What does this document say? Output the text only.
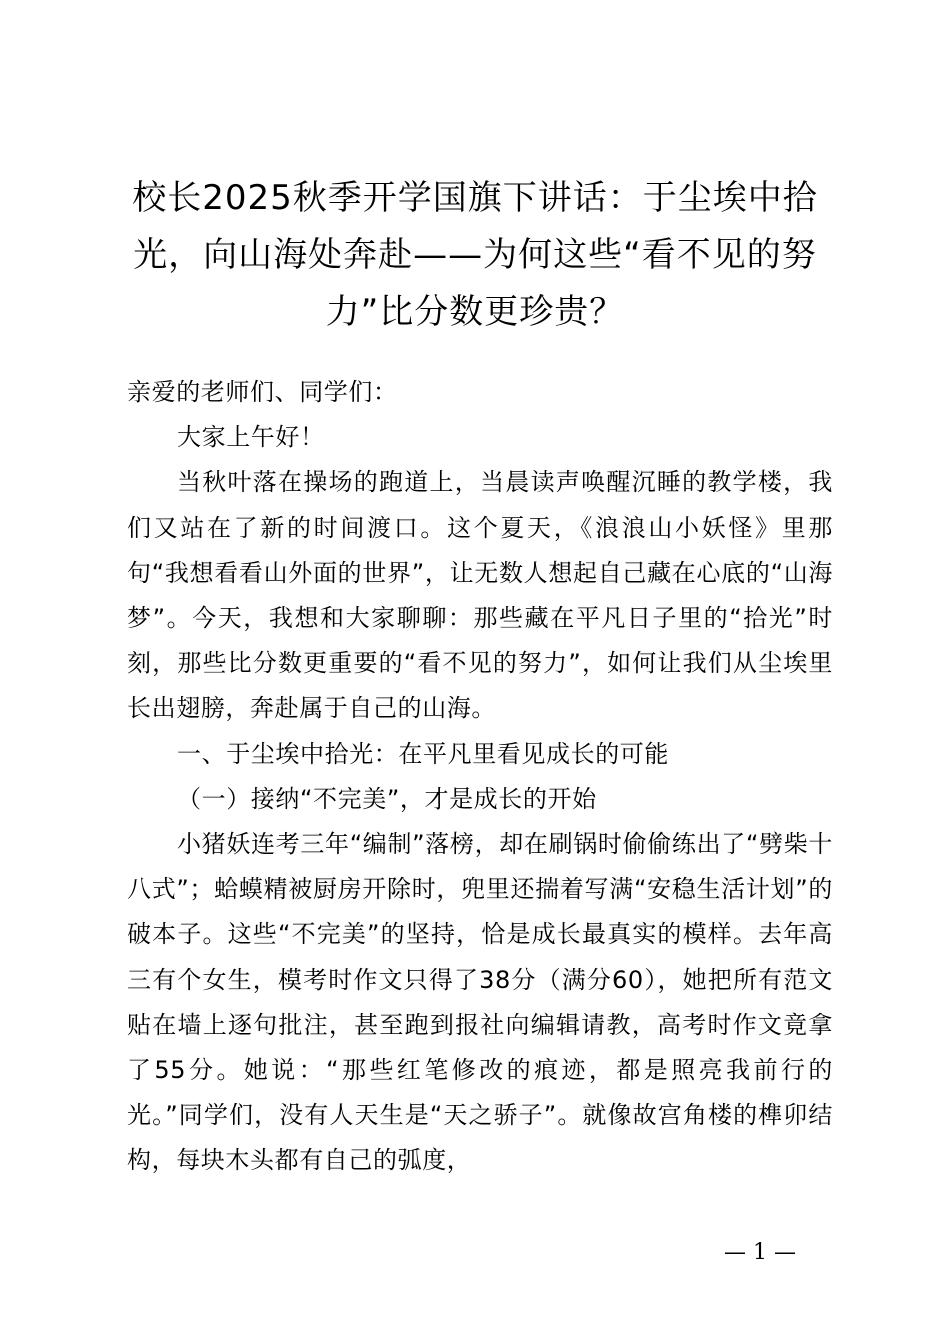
校长2025秋季开学国旗下讲话：于尘埃中拾光，向山海处奔赴——为何这些“看不见的努力”比分数更珍贵？

亲爱的老师们、同学们：

大家上午好！

当秋叶落在操场的跑道上，当晨读声唤醒沉睡的教学楼，我们又站在了新的时间渡口。这个夏天，《浪浪山小妖怪》里那句“我想看看山外面的世界”，让无数人想起自己藏在心底的“山海梦”。今天，我想和大家聊聊：那些藏在平凡日子里的“拾光”时刻，那些比分数更重要的“看不见的努力”，如何让我们从尘埃里长出翅膀，奔赴属于自己的山海。

一、于尘埃中拾光：在平凡里看见成长的可能

（一）接纳“不完美”，才是成长的开始

小猪妖连考三年“编制”落榜，却在刷锅时偷偷练出了“劈柴十八式”；蛤蟆精被厨房开除时，兜里还揣着写满“安稳生活计划”的破本子。这些“不完美”的坚持，恰是成长最真实的模样。去年高三有个女生，模考时作文只得了38分（满分60），她把所有范文贴在墙上逐句批注，甚至跑到报社向编辑请教，高考时作文竟拿了55分。她说：“那些红笔修改的痕迹，都是照亮我前行的光。”同学们，没有人天生是“天之骄子”。就像故宫角楼的榫卯结构，每块木头都有自己的弧度，

— 1 —
